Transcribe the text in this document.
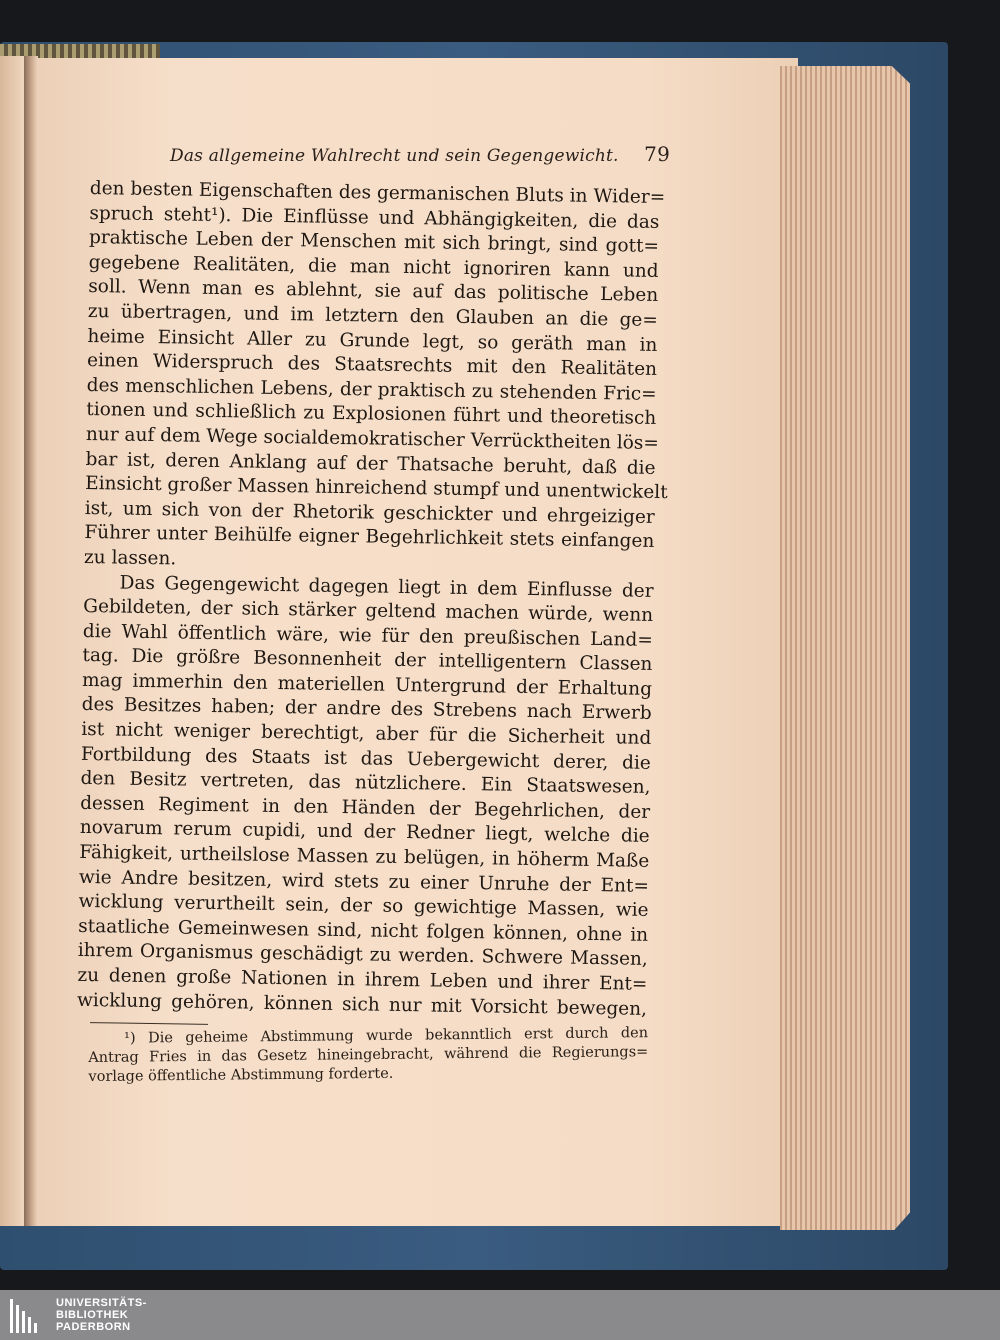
Das allgemeine Wahlrecht und sein Gegengewicht. 79
den besten Eigenschaften des germanischen Bluts in Wider=
spruch steht¹). Die Einflüsse und Abhängigkeiten, die das
praktische Leben der Menschen mit sich bringt, sind gott=
gegebene Realitäten, die man nicht ignoriren kann und
soll. Wenn man es ablehnt, sie auf das politische Leben
zu übertragen, und im letztern den Glauben an die ge=
heime Einsicht Aller zu Grunde legt, so geräth man in
einen Widerspruch des Staatsrechts mit den Realitäten
des menschlichen Lebens, der praktisch zu stehenden Fric=
tionen und schließlich zu Explosionen führt und theoretisch
nur auf dem Wege socialdemokratischer Verrücktheiten lös=
bar ist, deren Anklang auf der Thatsache beruht, daß die
Einsicht großer Massen hinreichend stumpf und unentwickelt
ist, um sich von der Rhetorik geschickter und ehrgeiziger
Führer unter Beihülfe eigner Begehrlichkeit stets einfangen
zu lassen.
Das Gegengewicht dagegen liegt in dem Einflusse der
Gebildeten, der sich stärker geltend machen würde, wenn
die Wahl öffentlich wäre, wie für den preußischen Land=
tag. Die größre Besonnenheit der intelligentern Classen
mag immerhin den materiellen Untergrund der Erhaltung
des Besitzes haben; der andre des Strebens nach Erwerb
ist nicht weniger berechtigt, aber für die Sicherheit und
Fortbildung des Staats ist das Uebergewicht derer, die
den Besitz vertreten, das nützlichere. Ein Staatswesen,
dessen Regiment in den Händen der Begehrlichen, der
novarum rerum cupidi, und der Redner liegt, welche die
Fähigkeit, urtheilslose Massen zu belügen, in höherm Maße
wie Andre besitzen, wird stets zu einer Unruhe der Ent=
wicklung verurtheilt sein, der so gewichtige Massen, wie
staatliche Gemeinwesen sind, nicht folgen können, ohne in
ihrem Organismus geschädigt zu werden. Schwere Massen,
zu denen große Nationen in ihrem Leben und ihrer Ent=
wicklung gehören, können sich nur mit Vorsicht bewegen,
¹) Die geheime Abstimmung wurde bekanntlich erst durch den
Antrag Fries in das Gesetz hineingebracht, während die Regierungs=
vorlage öffentliche Abstimmung forderte.
UNIVERSITÄTS-
BIBLIOTHEK
PADERBORN
